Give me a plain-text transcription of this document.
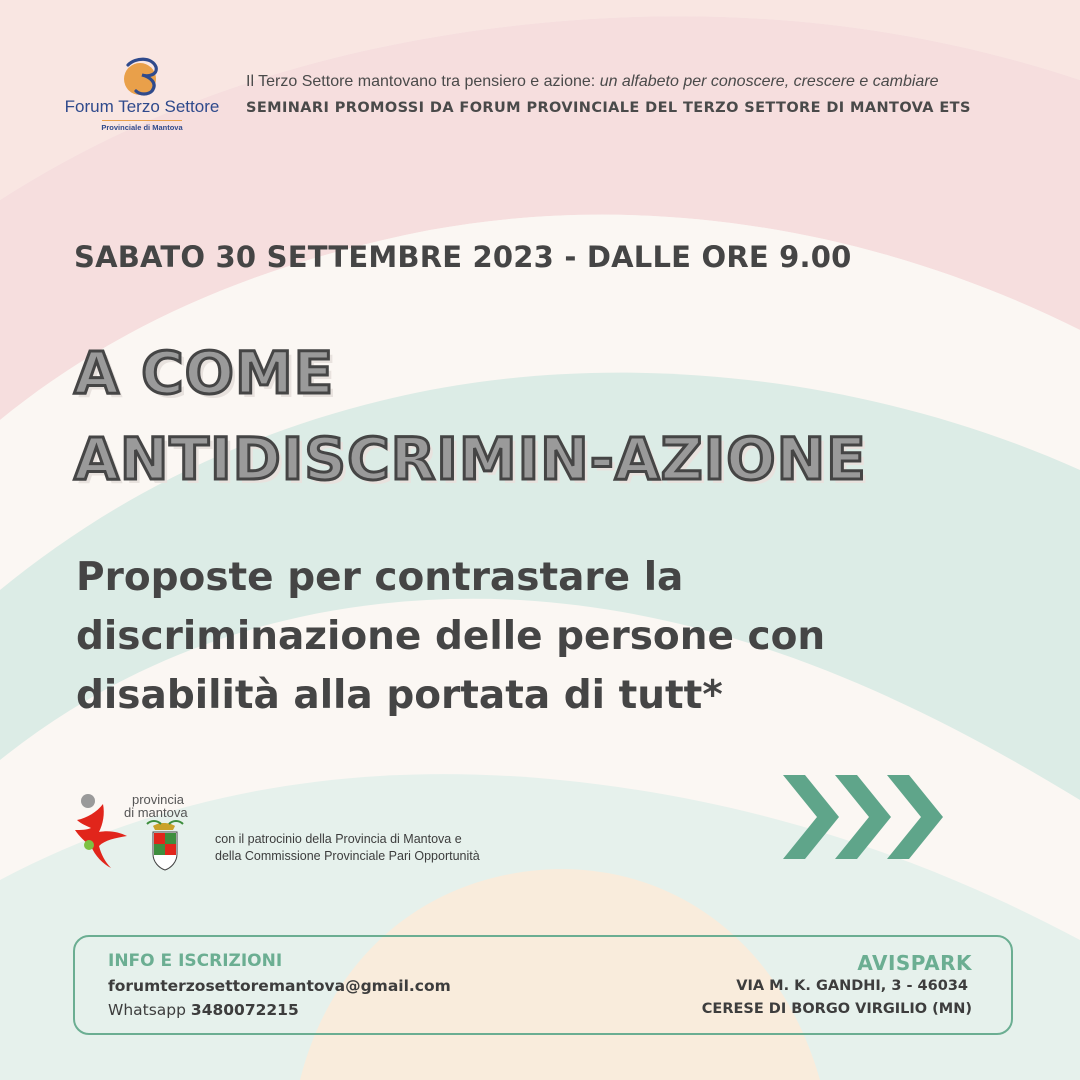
Forum Terzo Settore
Provinciale di Mantova
Il Terzo Settore mantovano tra pensiero e azione: un alfabeto per conoscere, crescere e cambiare
SEMINARI PROMOSSI DA FORUM PROVINCIALE DEL TERZO SETTORE DI MANTOVA ETS
SABATO 30 SETTEMBRE 2023 - DALLE ORE 9.00
A COME
ANTIDISCRIMIN-AZIONE
Proposte per contrastare la
discriminazione delle persone con
disabilità alla portata di tutt*
provincia
di mantova
con il patrocinio della Provincia di Mantova e
della Commissione Provinciale Pari Opportunità
INFO E ISCRIZIONI
forumterzosettoremantova@gmail.com
Whatsapp 3480072215
AVISPARK
VIA M. K. GANDHI, 3 - 46034
CERESE DI BORGO VIRGILIO (MN)
